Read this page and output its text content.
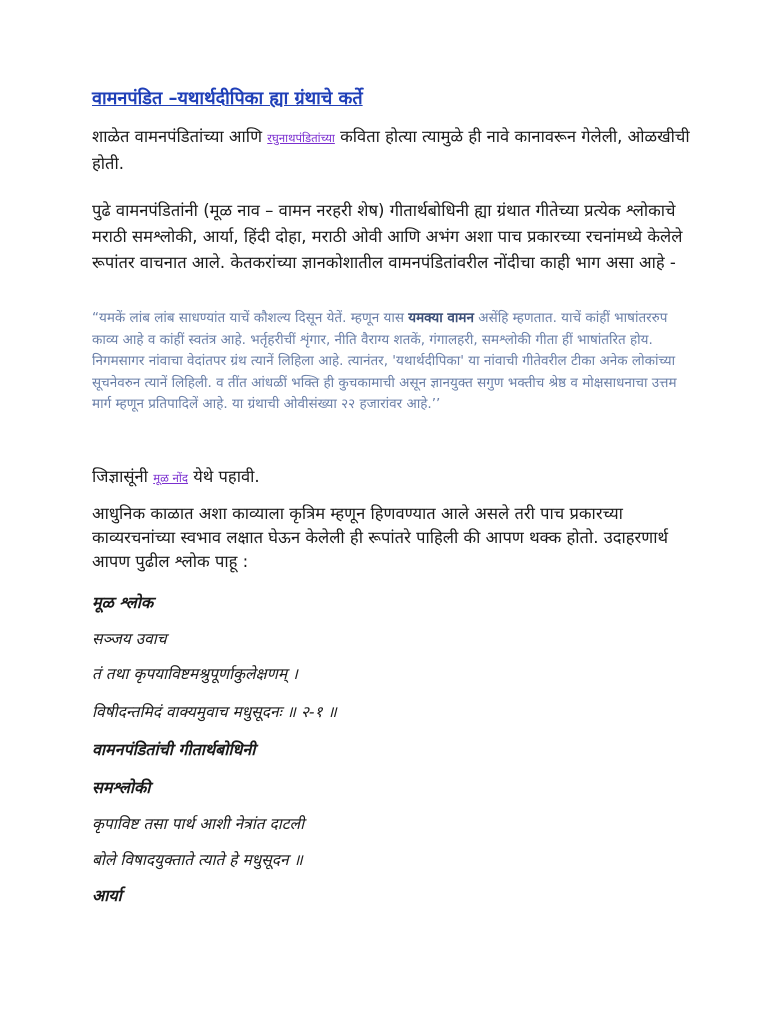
वामनपंडित –यथार्थदीपिका ह्या ग्रंथाचे कर्ते
शाळेत वामनपंडितांच्या आणि रघुनाथपंडितांच्या कविता होत्या त्यामुळे ही नावे कानावरून गेलेली, ओळखीची होती.
पुढे वामनपंडितांनी (मूळ नाव – वामन नरहरी शेष) गीतार्थबोधिनी ह्या ग्रंथात गीतेच्या प्रत्येक श्लोकाचे मराठी समश्लोकी, आर्या, हिंदी दोहा, मराठी ओवी आणि अभंग अशा पाच प्रकारच्या रचनांमध्ये केलेले रूपांतर वाचनात आले. केतकरांच्या ज्ञानकोशातील वामनपंडितांवरील नोंदीचा काही भाग असा आहे -
“यमकें लांब लांब साधण्यांत याचें कौशल्य दिसून येतें. म्हणून यास यमक्या वामन असेंहि म्हणतात. याचें कांहीं भाषांतररुप काव्य आहे व कांहीं स्वतंत्र आहे. भर्तृहरीचीं शृंगार, नीति वैराग्य शतकें, गंगालहरी, समश्लोकी गीता हीं भाषांतरित होय. निगमसागर नांवाचा वेदांतपर ग्रंथ त्यानें लिहिला आहे. त्यानंतर, 'यथार्थदीपिका' या नांवाची गीतेवरील टीका अनेक लोकांच्या सूचनेवरुन त्यानें लिहिली. व तींत आंधळीं भक्ति ही कुचकामाची असून ज्ञानयुक्त सगुण भक्तीच श्रेष्ठ व मोक्षसाधनाचा उत्तम मार्ग म्हणून प्रतिपादिलें आहे. या ग्रंथाची ओवीसंख्या २२ हजारांवर आहे.’’
जिज्ञासूंनी मूळ नोंद येथे पहावी.
आधुनिक काळात अशा काव्याला कृत्रिम म्हणून हिणवण्यात आले असले तरी पाच प्रकारच्या काव्यरचनांच्या स्वभाव लक्षात घेऊन केलेली ही रूपांतरे पाहिली की आपण थक्क होतो. उदाहरणार्थ आपण पुढील श्लोक पाहू :
मूळ श्लोक
सञ्जय उवाच
तं तथा कृपयाविष्टमश्रुपूर्णाकुलेक्षणम् ।
विषीदन्तमिदं वाक्यमुवाच मधुसूदनः ॥ २-१ ॥
वामनपंडितांची गीतार्थबोधिनी
समश्लोकी
कृपाविष्ट तसा पार्थ आशी नेत्रांत दाटली
बोले विषादयुक्ताते त्याते हे मधुसूदन ॥
आर्या
